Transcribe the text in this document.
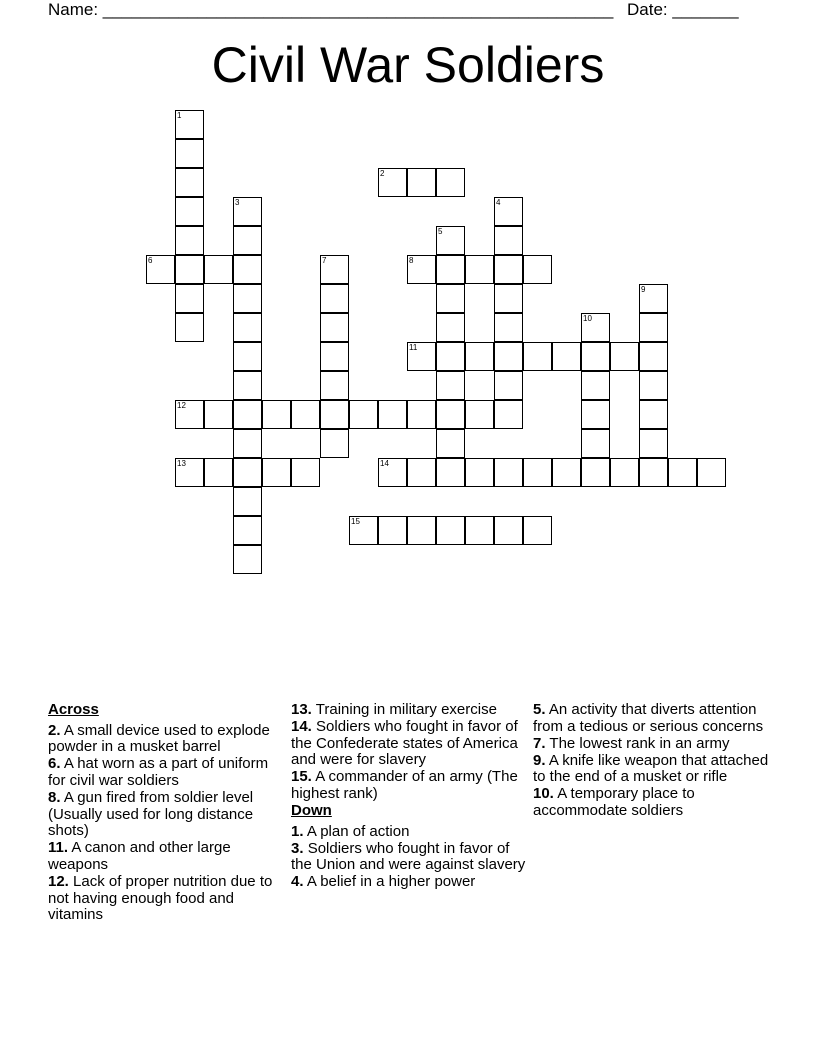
Name: ______________________________________________________ Date: _______
Civil War Soldiers
2
6	8
11
12
13	14
15
1
3	4
5
7
9
10
Across
2. A small device used to explode powder in a musket barrel
6. A hat worn as a part of uniform for civil war soldiers
8. A gun fired from soldier level (Usually used for long distance shots)
11. A canon and other large weapons
12. Lack of proper nutrition due to not having enough food and vitamins
13. Training in military exercise
14. Soldiers who fought in favor of the Confederate states of America and were for slavery
15. A commander of an army (The highest rank)
Down
1. A plan of action
3. Soldiers who fought in favor of the Union and were against slavery
4. A belief in a higher power
5. An activity that diverts attention from a tedious or serious concerns
7. The lowest rank in an army
9. A knife like weapon that attached to the end of a musket or rifle
10. A temporary place to accommodate soldiers
